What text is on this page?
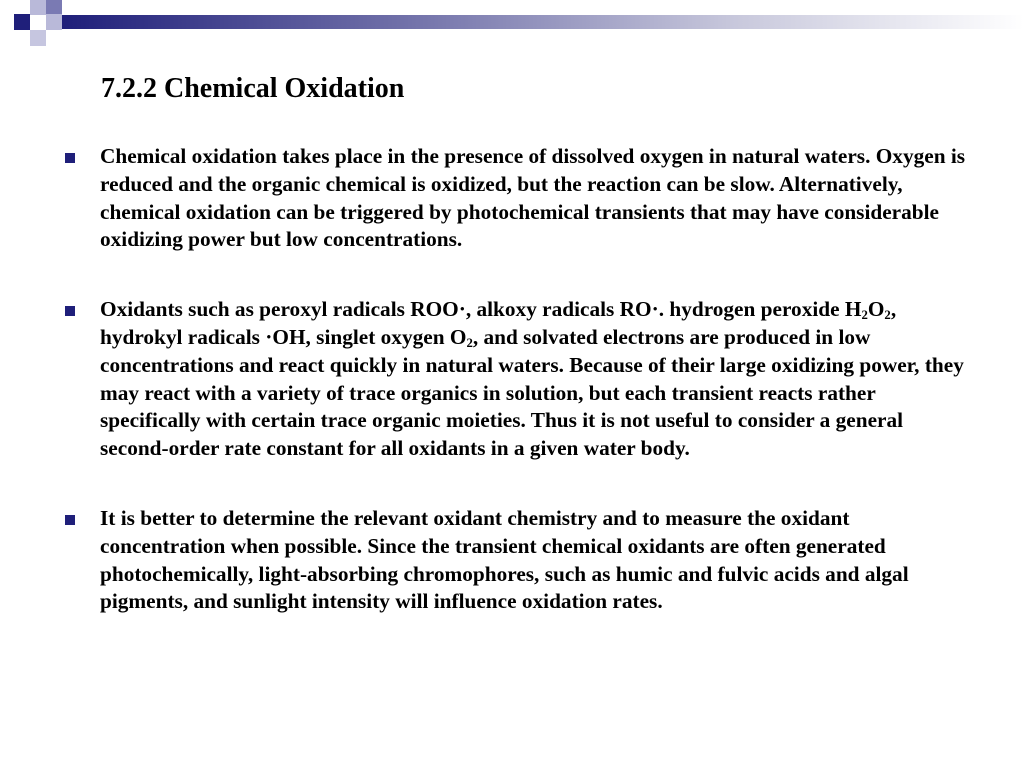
7.2.2 Chemical Oxidation
Chemical oxidation takes place in the presence of dissolved oxygen in natural waters. Oxygen is reduced and the organic chemical is oxidized, but the reaction can be slow. Alternatively, chemical oxidation can be triggered by photochemical transients that may have considerable oxidizing power but low concentrations.
Oxidants such as peroxyl radicals ROO·, alkoxy radicals RO·. hydrogen peroxide $H_2O_2$, hydrokyl radicals ·OH, singlet oxygen $O_2$, and solvated electrons are produced in low concentrations and react quickly in natural waters. Because of their large oxidizing power, they may react with a variety of trace organics in solution, but each transient reacts rather specifically with certain trace organic moieties. Thus it is not useful to consider a general second-order rate constant for all oxidants in a given water body.
It is better to determine the relevant oxidant chemistry and to measure the oxidant concentration when possible. Since the transient chemical oxidants are often generated photochemically, light-absorbing chromophores, such as humic and fulvic acids and algal pigments, and sunlight intensity will influence oxidation rates.
